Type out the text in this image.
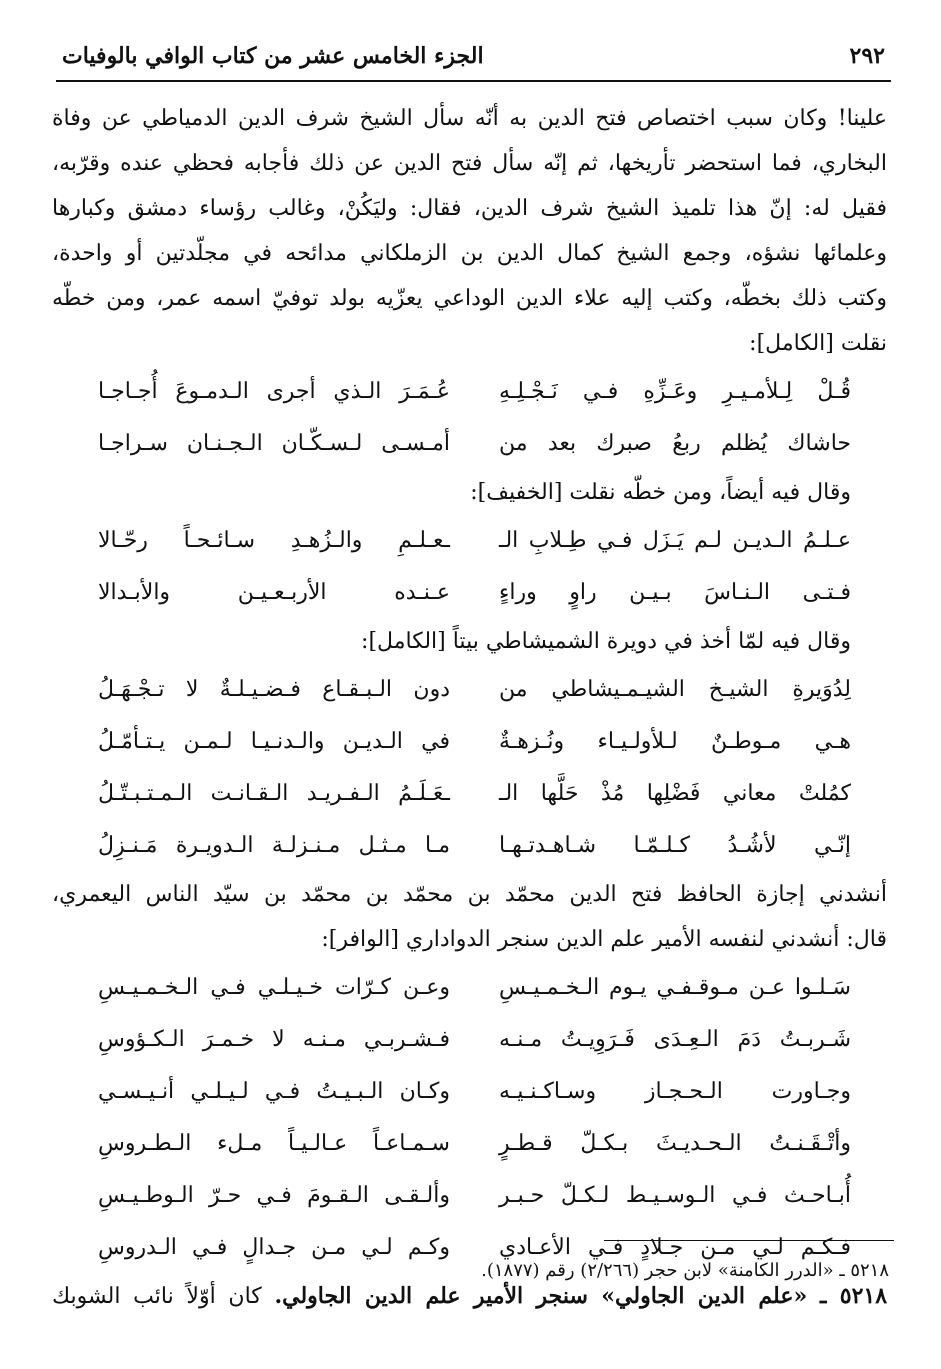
٢٩٢
الجزء الخامس عشر من كتاب الوافي بالوفيات
علينا! وكان سبب اختصاص فتح الدين به أنّه سأل الشيخ شرف الدين الدمياطي عن وفاة
البخاري، فما استحضر تأريخها، ثم إنّه سأل فتح الدين عن ذلك فأجابه فحظي عنده وقرّبه،
فقيل له: إنّ هذا تلميذ الشيخ شرف الدين، فقال: وليَكُنْ، وغالب رؤساء دمشق وكبارها
وعلمائها نشؤه، وجمع الشيخ كمال الدين بن الزملكاني مدائحه في مجلّدتين أو واحدة،
وكتب ذلك بخطّه، وكتب إليه علاء الدين الوداعي يعزّيه بولد توفيّ اسمه عمر، ومن خطّه
نقلت [الكامل]:
قُـلْ لِـلأمـيـرِ وعَـزِّهِ فـي نَـجْـلِـهِ
عُـمَـرَ الـذي أجرى الـدمـوعَ أُجـاجـا
حاشاك يُظلم ربعُ صبرك بعد من
أمـسـى لـسـكّـان الـجـنـان سـراجـا
وقال فيه أيضاً، ومن خطّه نقلت [الخفيف]:
عـلـمُ الـديـن لـم يَـزَل فـي طِـلابِ الـ
ـعـلـمِ والـزُهـدِ سـائـحـاً رحّـالا
فـتـى الـنـاسَ بـيـن راوٍ وراءٍ
عـنـده الأربـعـيـن والأبـدالا
وقال فيه لمّا أخذ في دويرة الشميشاطي بيتاً [الكامل]:
لِدُوَيرةِ الشيـخ الشيـمـيشاطي من
دون الـبـقـاع فـضـيـلـةٌ لا تـجْـهَـلُ
هـي مـوطـنٌ لـلأولـيـاء ونُـزهـةٌ
في الـديـن والـدنـيـا لـمـن يـتـأمّـلُ
كمُلتْ معاني فَضْلِها مُذْ حَلَّها الـ
ـعَـلَـمُ الـفـريـد الـقـانـت الـمـتـبـتّـلُ
إنّـي لأشُـدُ كـلـمّـا شـاهـدتـهـا
مـا مـثـل مـنـزلـة الـدويـرة مَـنـزِلُ
أنشدني إجازة الحافظ فتح الدين محمّد بن محمّد بن محمّد بن سيّد الناس اليعمري،
قال: أنشدني لنفسه الأمير علم الدين سنجر الدواداري [الوافر]:
سَـلـوا عـن مـوقـفـي يـوم الـخـمـيـسِ
وعـن كـرّات خـيـلـي فـي الـخـمـيـسِ
شَـربـتُ دَمَ الـعِـدَى فَـرَوِيـتُ مـنـه
فـشـربـي مـنـه لا خـمـرَ الـكـؤوسِ
وجـاورت الـحـجـاز وسـاكـنـيـه
وكـان الـبـيـتُ فـي لـيـلـي أنـيـسـي
وأتْـقَـنـتُ الـحـديـثَ بـكـلّ قـطـرٍ
سـمـاعـاً عـالـيـاً مـلء الـطـروسِ
أُبـاحـث فـي الـوسـيـط لـكـلّ حـبـر
وألـقـى الـقـومَ فـي حـرّ الـوطـيـسِ
فـكـم لـي مـن جـلادٍ فـي الأعـادي
وكـم لـي مـن جـدالٍ فـي الـدروسِ
٥٢١٨ ـ «علم الدين الجاولي» سنجر الأمير علم الدين الجاولي. كان أوّلاً نائب الشوبك
٥٢١٨ ـ «الدرر الكامنة» لابن حجر (٢/٢٦٦) رقم (١٨٧٧).
